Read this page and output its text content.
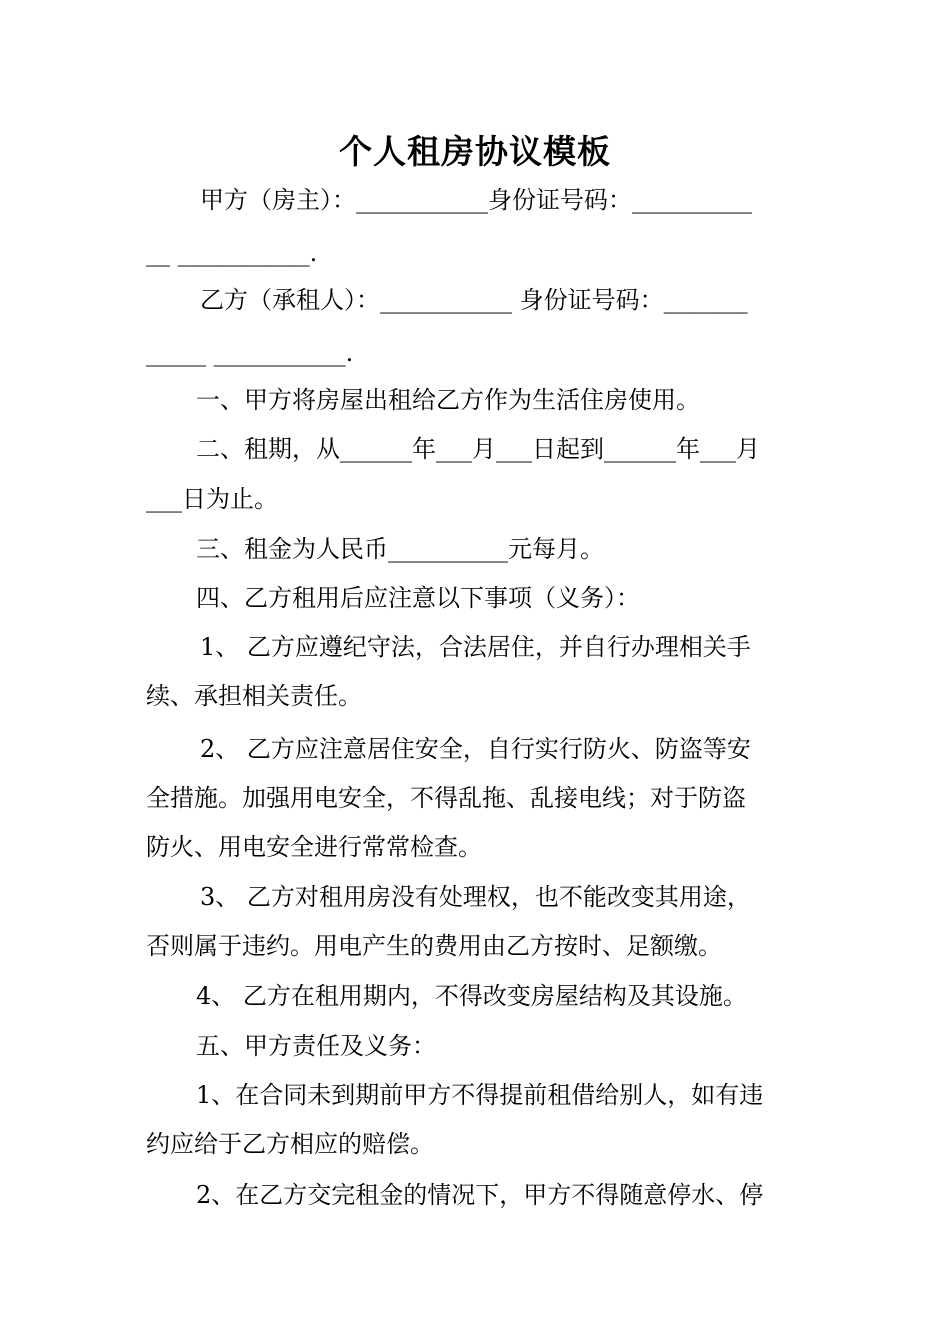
个人租房协议模板

甲方（房主）：___________身份证号码：__________

__ ___________.

乙方（承租人）：___________ 身份证号码：_______

_____ ___________.

一、甲方将房屋出租给乙方作为生活住房使用。

二、租期，从______年___月___日起到______年___月

___日为止。

三、租金为人民币__________元每月。

四、乙方租用后应注意以下事项（义务）：

1、 乙方应遵纪守法，合法居住，并自行办理相关手

续、承担相关责任。

2、 乙方应注意居住安全，自行实行防火、防盗等安

全措施。加强用电安全，不得乱拖、乱接电线；对于防盗

防火、用电安全进行常常检查。

3、 乙方对租用房没有处理权，也不能改变其用途，

否则属于违约。用电产生的费用由乙方按时、足额缴。

4、 乙方在租用期内，不得改变房屋结构及其设施。

五、甲方责任及义务：

1、在合同未到期前甲方不得提前租借给别人，如有违

约应给于乙方相应的赔偿。

2、在乙方交完租金的情况下，甲方不得随意停水、停
